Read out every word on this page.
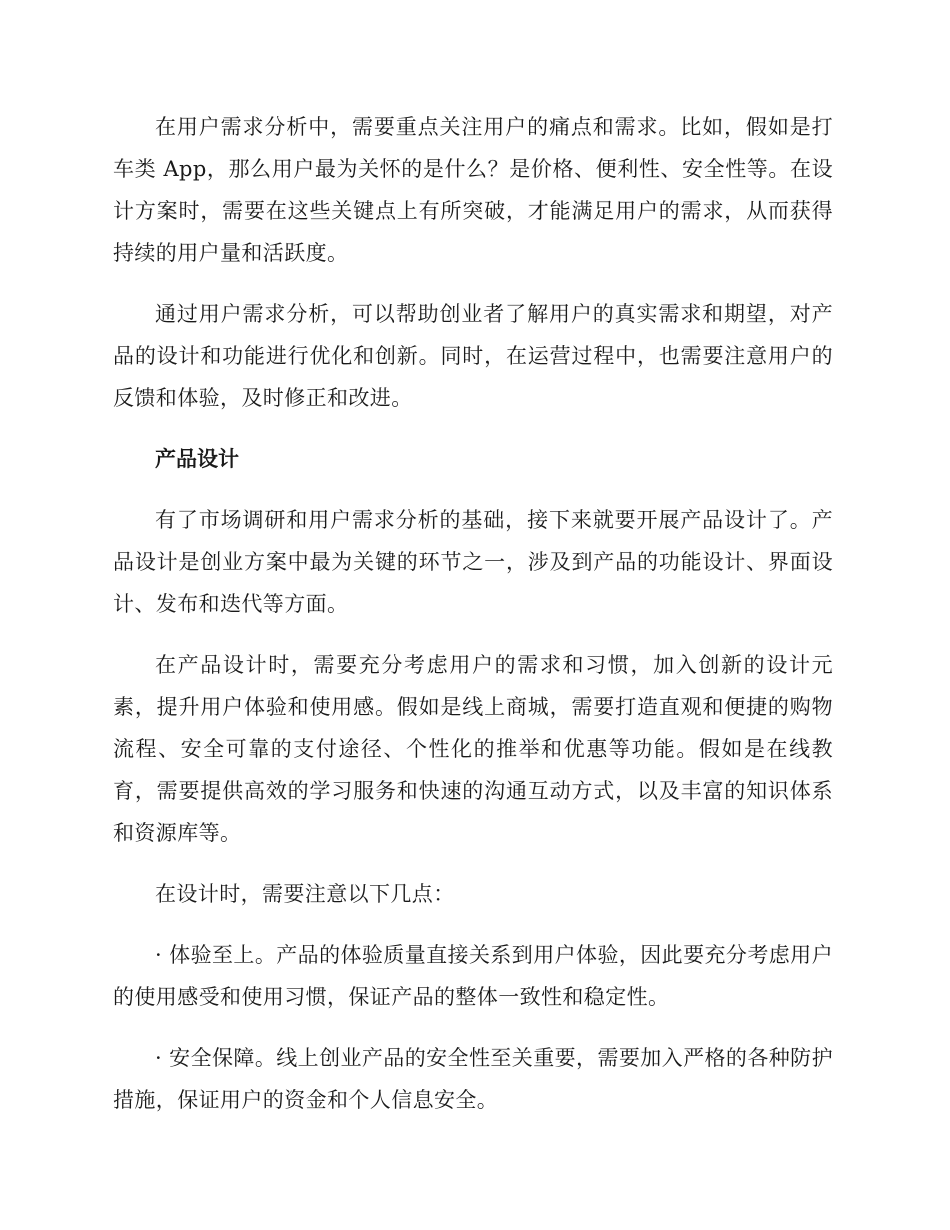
在用户需求分析中，需要重点关注用户的痛点和需求。比如，假如是打车类 App，那么用户最为关怀的是什么？是价格、便利性、安全性等。在设计方案时，需要在这些关键点上有所突破，才能满足用户的需求，从而获得持续的用户量和活跃度。

通过用户需求分析，可以帮助创业者了解用户的真实需求和期望，对产品的设计和功能进行优化和创新。同时，在运营过程中，也需要注意用户的反馈和体验，及时修正和改进。

产品设计

有了市场调研和用户需求分析的基础，接下来就要开展产品设计了。产品设计是创业方案中最为关键的环节之一，涉及到产品的功能设计、界面设计、发布和迭代等方面。

在产品设计时，需要充分考虑用户的需求和习惯，加入创新的设计元素，提升用户体验和使用感。假如是线上商城，需要打造直观和便捷的购物流程、安全可靠的支付途径、个性化的推举和优惠等功能。假如是在线教育，需要提供高效的学习服务和快速的沟通互动方式，以及丰富的知识体系和资源库等。

在设计时，需要注意以下几点：

· 体验至上。产品的体验质量直接关系到用户体验，因此要充分考虑用户的使用感受和使用习惯，保证产品的整体一致性和稳定性。

· 安全保障。线上创业产品的安全性至关重要，需要加入严格的各种防护措施，保证用户的资金和个人信息安全。
